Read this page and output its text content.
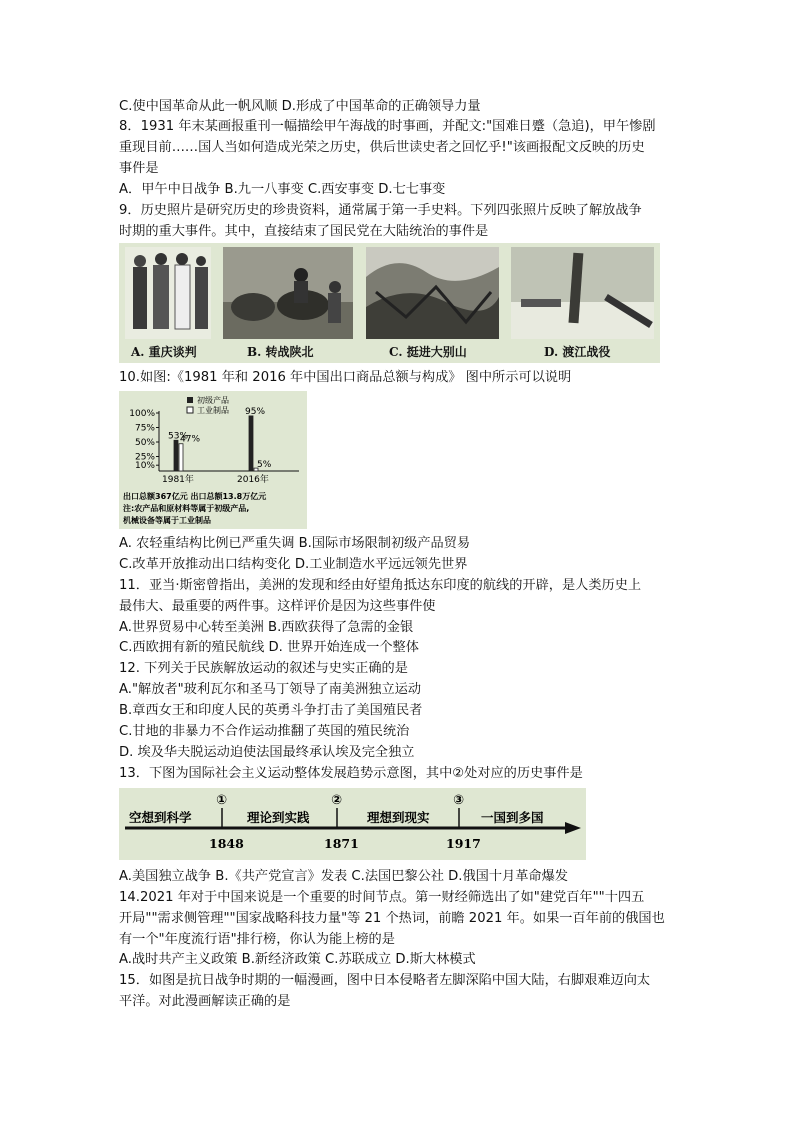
C.使中国革命从此一帆风顺 D.形成了中国革命的正确领导力量
8．1931 年末某画报重刊一幅描绘甲午海战的时事画，并配文:"国难日蹙（急追)，甲午惨剧
重现目前……国人当如何造成光荣之历史，供后世读史者之回忆乎!"该画报配文反映的历史
事件是
A．甲午中日战争 B.九一八事变 C.西安事变 D.七七事变
9．历史照片是研究历史的珍贵资料，通常属于第一手史料。下列四张照片反映了解放战争
时期的重大事件。其中，直接结束了国民党在大陆统治的事件是
A. 重庆谈判	B. 转战陕北	C. 挺进大别山	D. 渡江战役
10.如图:《1981 年和 2016 年中国出口商品总额与构成》 图中所示可以说明
100%
75%
50%
25%
10%
初级产品
工业制品
53%
47%
1981年
95%
5%
2016年
出口总额367亿元 出口总额13.8万亿元
注:农产品和原材料等属于初级产品,
机械设备等属于工业制品
A. 农轻重结构比例已严重失调 B.国际市场限制初级产品贸易
C.改革开放推动出口结构变化 D.工业制造水平远远领先世界
11．亚当·斯密曾指出，美洲的发现和经由好望角抵达东印度的航线的开辟，是人类历史上
最伟大、最重要的两件事。这样评价是因为这些事件使
A.世界贸易中心转至美洲 B.西欧获得了急需的金银
C.西欧拥有新的殖民航线 D. 世界开始连成一个整体
12. 下列关于民族解放运动的叙述与史实正确的是
A."解放者"玻利瓦尔和圣马丁领导了南美洲独立运动
B.章西女王和印度人民的英勇斗争打击了美国殖民者
C.甘地的非暴力不合作运动推翻了英国的殖民统治
D. 埃及华夫脱运动迫使法国最终承认埃及完全独立
13．下图为国际社会主义运动整体发展趋势示意图，其中②处对应的历史事件是
空想到科学	理论到实践	理想到现实	一国到多国
①	②	③
1848	1871	1917
A.美国独立战争 B.《共产党宣言》发表 C.法国巴黎公社 D.俄国十月革命爆发
14.2021 年对于中国来说是一个重要的时间节点。第一财经筛选出了如"建党百年""十四五
开局""需求侧管理""国家战略科技力量"等 21 个热词，前瞻 2021 年。如果一百年前的俄国也
有一个"年度流行语"排行榜，你认为能上榜的是
A.战时共产主义政策 B.新经济政策 C.苏联成立 D.斯大林模式
15．如图是抗日战争时期的一幅漫画，图中日本侵略者左脚深陷中国大陆，右脚艰难迈向太
平洋。对此漫画解读正确的是
